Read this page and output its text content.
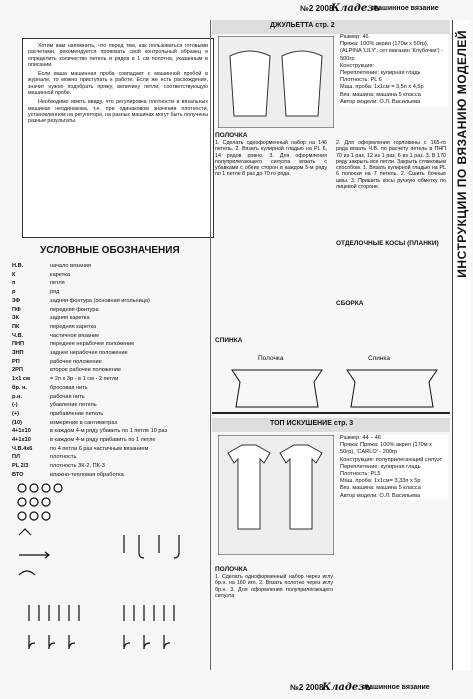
№2 2008
Кладезь
машинное вязание
ИНСТРУКЦИИ ПО ВЯЗАНИЮ МОДЕЛЕЙ

Хотим вам напомнить, что перед тем, как пользоваться готовыми расчетами, рекомендуется провязать свой контрольный образец и определить количество петель и рядов в 1 см полотна, указанным в описании.

Если ваша машинная проба совпадает с машинной пробой в журнале, то можно приступать к работе. Если же есть расхождения, значит нужно подобрать пряжу, величину петли, соответствующую машинной пробе.

Необходимо иметь ввиду, что регулировка плотности в вязальных машинах неодинакова, т.е. при одинаковом значении плотности, установленном на регуляторе, на разных машинах могут быть получены разные результаты.

УСЛОВНЫЕ ОБОЗНАЧЕНИЯ
Н.В.	начало вязания
К	каретка
п	петля
р	ряд
ЗФ	задняя фонтура (основная игольница)
ПФ	передняя фонтура
ЗК	задняя каретка
ПК	передняя каретка
Ч.В.	частичное вязание
ПНП	переднее нерабочее положение
ЗНП	заднее нерабочее положение
РП	рабочее положение
2РП	второе рабочее положение
1х1 см	= 2п х 3р - в 1 см - 2 петли
бр. н.	бросовая нить
р.н.	рабочая нить
(-)	убавление петель
(+)	прибавление петель
(10)	измерение в сантиметрах
4+1х10	в каждом 4-м ряду убавить по 1 петле 10 раз
4+1х10	в каждом 4-м ряду прибавить по 1 петле
Ч.В.4х6	по 4 петли 6 раз частичным вязанием
ПЛ	плотность
PL 2/3	плотность ЗК-2, ПК-3
ВТО	влажно-тепловая обработка
ДЖУЛЬЕТТА стр. 2
Размер: 46
Пряжа: 100% акрил (170м х 50гр), (ALPINA 'LILY', сет магазин 'Клубочки') - 500гр
Конструкция:
Переплетение: кулирная гладь
Плотность: PL 6
Маш. проба: 1х1см = 3,5п х 4,5р
Вяз. машина: машина 5 класса
Автор модели: О.Л. Васильева
ПОЛОЧКА
1. Сделать одноформенный набор на 146 петель. 2. Вязать кулирной гладью на PL 6, 14 рядов ровно. 3. Для оформления полуприлегающего силуэта вязать с убавками с обеих сторон в каждом 5-м ряду по 1 петле 8 раз до 70 го ряда.
2. Для оформления горловины с 165-го ряда вязать Ч.В. по расчету петель в ПНП 70 из 1 раз, 12 из 1 раз, 6 из 1 раз. 3. В 170 ряду закрыть все петли. Закрыть стяжковым способом. 1. Вязать кулирной гладью на PL 6 полоски на 7 петель. 2. Сшить бочные швы. 3. Пришить косы ручную обметку по лицевой стороне.
ОТДЕЛОЧНЫЕ КОСЫ (ПЛАНКИ)
СБОРКА
СПИНКА
Полочка	Спинка
ТОП ИСКУШЕНИЕ стр. 3
Размер: 44 – 46
Пряжа: Пряжа: 100% акрил (170м х 50гр), 'CARLO' - 200гр
Конструкция: полуприлегающий силуэт
Переплетение: кулирная гладь
Плотность: PL5
Маш. проба: 1х1см= 3,33п х 5р
Вяз. машина: машина 5 класса
Автор модели: О.Л. Васильева
ПОЛОЧКА
1. Сделать одноформенный набор через иглу бр.н. на 160 игл. 2. Вязать полотно через иглу бр.н. 3. Для оформления полуприлегающего силуэта
№2 2008
Кладезь
машинное вязание
